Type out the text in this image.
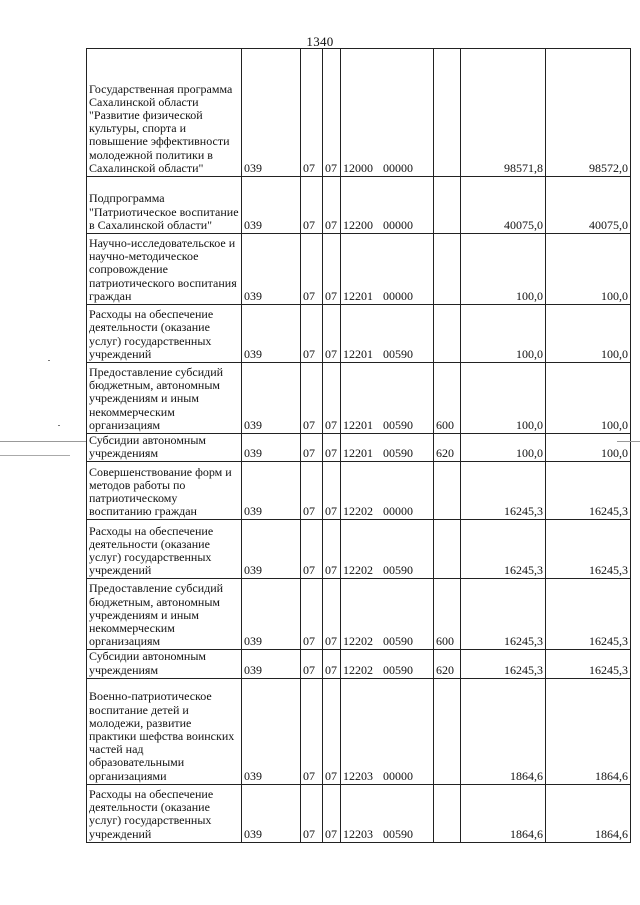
1340
Государственная программа Сахалинской области "Развитие физической культуры, спорта и повышение эффективности молодежной политики в Сахалинской области"	039	07	07	12000 00000		98571,8	98572,0
Подпрограмма "Патриотическое воспитание в Сахалинской области"	039	07	07	12200 00000		40075,0	40075,0
Научно-исследовательское и научно-методическое сопровождение патриотического воспитания граждан	039	07	07	12201 00000		100,0	100,0
Расходы на обеспечение деятельности (оказание услуг) государственных учреждений	039	07	07	12201 00590		100,0	100,0
Предоставление субсидий бюджетным, автономным учреждениям и иным некоммерческим организациям	039	07	07	12201 00590	600	100,0	100,0
Субсидии автономным учреждениям	039	07	07	12201 00590	620	100,0	100,0
Совершенствование форм и методов работы по патриотическому воспитанию граждан	039	07	07	12202 00000		16245,3	16245,3
Расходы на обеспечение деятельности (оказание услуг) государственных учреждений	039	07	07	12202 00590		16245,3	16245,3
Предоставление субсидий бюджетным, автономным учреждениям и иным некоммерческим организациям	039	07	07	12202 00590	600	16245,3	16245,3
Субсидии автономным учреждениям	039	07	07	12202 00590	620	16245,3	16245,3
Военно-патриотическое воспитание детей и молодежи, развитие практики шефства воинских частей над образовательными организациями	039	07	07	12203 00000		1864,6	1864,6
Расходы на обеспечение деятельности (оказание услуг) государственных учреждений	039	07	07	12203 00590		1864,6	1864,6
